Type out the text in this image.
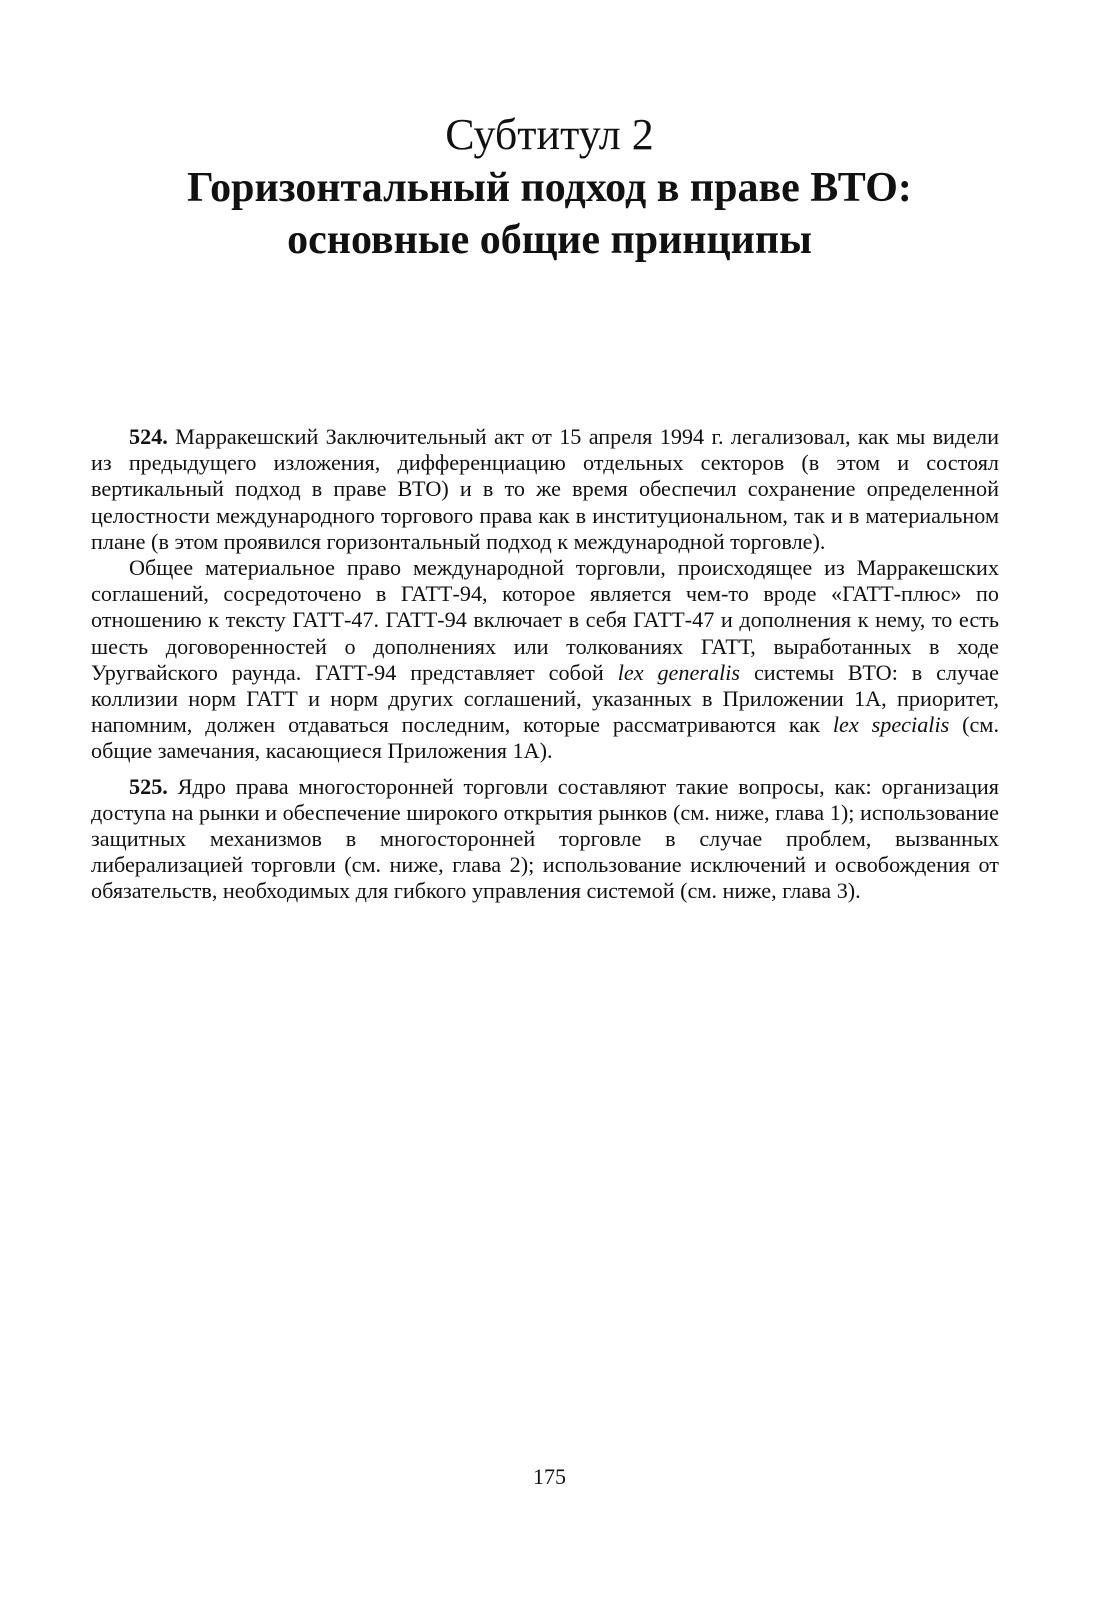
Субтитул 2

Горизонтальный подход в праве ВТО:

основные общие принципы

524. Марракешский Заключительный акт от 15 апреля 1994 г. легализовал, как мы видели из предыдущего изложения, дифференциацию отдельных секторов (в этом и состоял вертикальный подход в праве ВТО) и в то же время обеспечил сохранение определенной целостности международного торгового права как в институциональном, так и в материальном плане (в этом проявился горизонтальный подход к международной торговле).

Общее материальное право международной торговли, происходящее из Марракешских соглашений, сосредоточено в ГАТТ-94, которое является чем-то вроде «ГАТТ-плюс» по отношению к тексту ГАТТ-47. ГАТТ-94 включает в себя ГАТТ-47 и дополнения к нему, то есть шесть договоренностей о дополнениях или толкованиях ГАТТ, выработанных в ходе Уругвайского раунда. ГАТТ-94 представляет собой lex generalis системы ВТО: в случае коллизии норм ГАТТ и норм других соглашений, указанных в Приложении 1А, приоритет, напомним, должен отдаваться последним, которые рассматриваются как lex specialis (см. общие замечания, касающиеся Приложения 1А).

525. Ядро права многосторонней торговли составляют такие вопросы, как: организация доступа на рынки и обеспечение широкого открытия рынков (см. ниже, глава 1); использование защитных механизмов в многосторонней торговле в случае проблем, вызванных либерализацией торговли (см. ниже, глава 2); использование исключений и освобождения от обязательств, необходимых для гибкого управления системой (см. ниже, глава 3).

175
